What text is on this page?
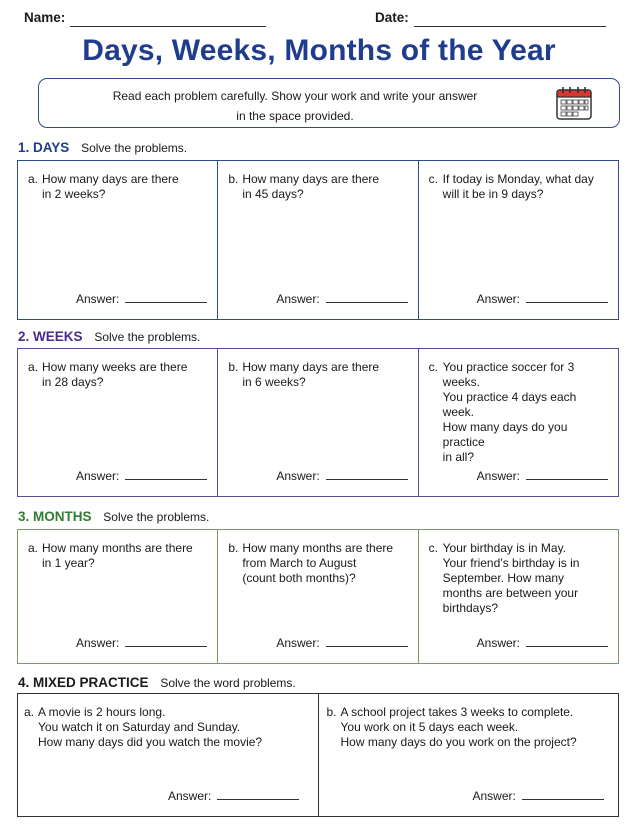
Name:	Date:
Days, Weeks, Months of the Year
Read each problem carefully. Show your work and write your answer
in the space provided.
1. DAYS Solve the problems.
a. How many days are there
in 2 weeks?
Answer:
b. How many days are there
in 45 days?
Answer:
c. If today is Monday, what day
will it be in 9 days?
Answer:
2. WEEKS Solve the problems.
a. How many weeks are there
in 28 days?
Answer:
b. How many days are there
in 6 weeks?
Answer:
c. You practice soccer for 3 weeks.
You practice 4 days each week.
How many days do you practice
in all?
Answer:
3. MONTHS Solve the problems.
a. How many months are there
in 1 year?
Answer:
b. How many months are there
from March to August
(count both months)?
Answer:
c. Your birthday is in May.
Your friend’s birthday is in
September. How many
months are between your
birthdays?
Answer:
4. MIXED PRACTICE Solve the word problems.
a. A movie is 2 hours long.
You watch it on Saturday and Sunday.
How many days did you watch the movie?
Answer:
b. A school project takes 3 weeks to complete.
You work on it 5 days each week.
How many days do you work on the project?
Answer:
